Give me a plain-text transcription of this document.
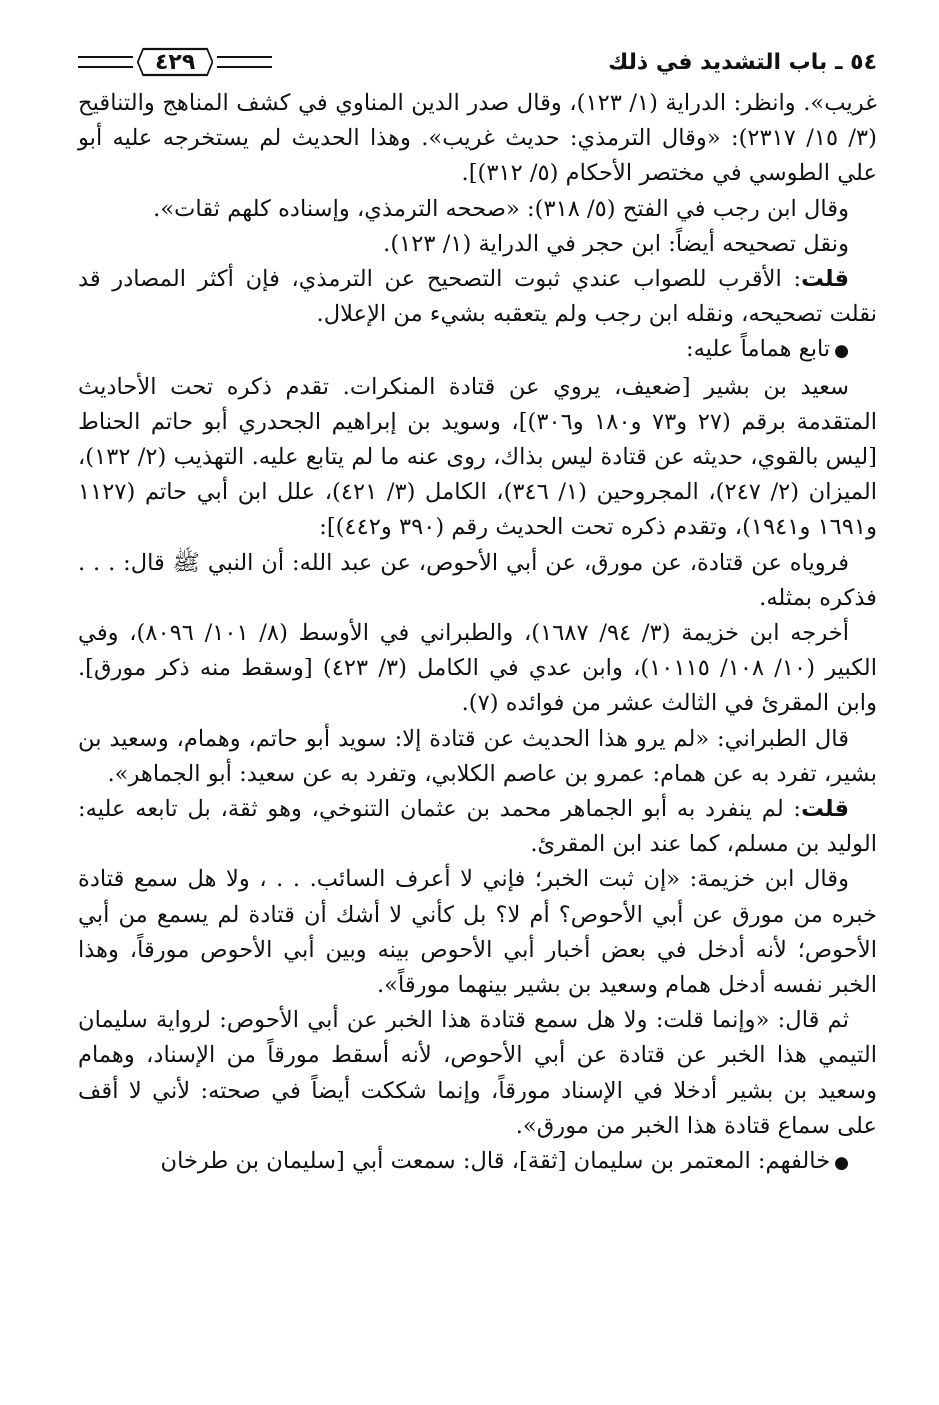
٥٤ ـ باب التشديد في ذلك
٤٢٩

غريب». وانظر: الدراية (١/ ١٢٣)، وقال صدر الدين المناوي في كشف المناهج والتناقيح (٣/ ١٥/ ٢٣١٧): «وقال الترمذي: حديث غريب». وهذا الحديث لم يستخرجه عليه أبو علي الطوسي في مختصر الأحكام (٥/ ٣١٢)].

وقال ابن رجب في الفتح (٥/ ٣١٨): «صححه الترمذي، وإسناده كلهم ثقات».

ونقل تصحيحه أيضاً: ابن حجر في الدراية (١/ ١٢٣).

قلت: الأقرب للصواب عندي ثبوت التصحيح عن الترمذي، فإن أكثر المصادر قد نقلت تصحيحه، ونقله ابن رجب ولم يتعقبه بشيء من الإعلال.

●تابع هماماً عليه:

سعيد بن بشير [ضعيف، يروي عن قتادة المنكرات. تقدم ذكره تحت الأحاديث المتقدمة برقم (٢٧ و٧٣ و١٨٠ و٣٠٦)]، وسويد بن إبراهيم الجحدري أبو حاتم الحناط [ليس بالقوي، حديثه عن قتادة ليس بذاك، روى عنه ما لم يتابع عليه. التهذيب (٢/ ١٣٢)، الميزان (٢/ ٢٤٧)، المجروحين (١/ ٣٤٦)، الكامل (٣/ ٤٢١)، علل ابن أبي حاتم (١١٢٧ و١٦٩١ و١٩٤١)، وتقدم ذكره تحت الحديث رقم (٣٩٠ و٤٤٢)]:

فروياه عن قتادة، عن مورق، عن أبي الأحوص، عن عبد الله: أن النبي ﷺ قال: . . . فذكره بمثله.

أخرجه ابن خزيمة (٣/ ٩٤/ ١٦٨٧)، والطبراني في الأوسط (٨/ ١٠١/ ٨٠٩٦)، وفي الكبير (١٠/ ١٠٨/ ١٠١١٥)، وابن عدي في الكامل (٣/ ٤٢٣) [وسقط منه ذكر مورق]. وابن المقرئ في الثالث عشر من فوائده (٧).

قال الطبراني: «لم يرو هذا الحديث عن قتادة إلا: سويد أبو حاتم، وهمام، وسعيد بن بشير، تفرد به عن همام: عمرو بن عاصم الكلابي، وتفرد به عن سعيد: أبو الجماهر».

قلت: لم ينفرد به أبو الجماهر محمد بن عثمان التنوخي، وهو ثقة، بل تابعه عليه: الوليد بن مسلم، كما عند ابن المقرئ.

وقال ابن خزيمة: «إن ثبت الخبر؛ فإني لا أعرف السائب. . . ، ولا هل سمع قتادة خبره من مورق عن أبي الأحوص؟ أم لا؟ بل كأني لا أشك أن قتادة لم يسمع من أبي الأحوص؛ لأنه أدخل في بعض أخبار أبي الأحوص بينه وبين أبي الأحوص مورقاً، وهذا الخبر نفسه أدخل همام وسعيد بن بشير بينهما مورقاً».

ثم قال: «وإنما قلت: ولا هل سمع قتادة هذا الخبر عن أبي الأحوص: لرواية سليمان التيمي هذا الخبر عن قتادة عن أبي الأحوص، لأنه أسقط مورقاً من الإسناد، وهمام وسعيد بن بشير أدخلا في الإسناد مورقاً، وإنما شككت أيضاً في صحته: لأني لا أقف على سماع قتادة هذا الخبر من مورق».

●خالفهم: المعتمر بن سليمان [ثقة]، قال: سمعت أبي [سليمان بن طرخان
